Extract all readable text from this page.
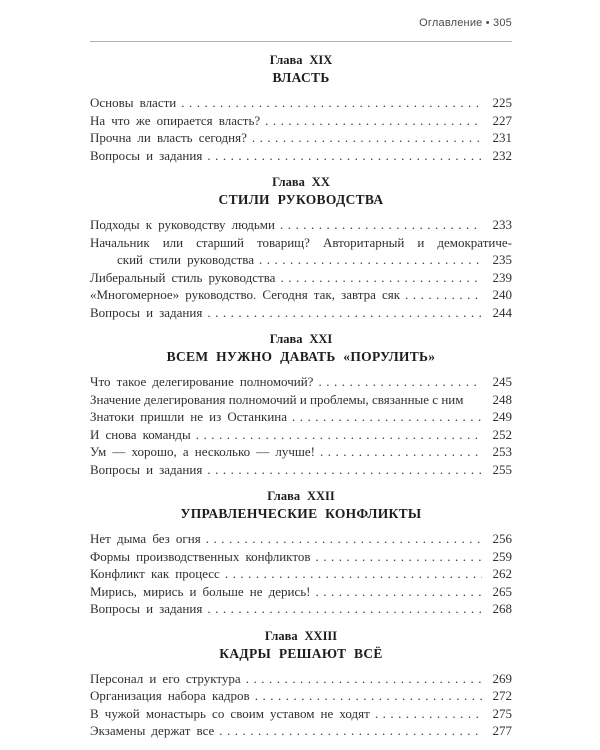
Оглавление • 305
Глава XIX
ВЛАСТЬ
Основы власти .....	225
На что же опирается власть? .....	227
Прочна ли власть сегодня? .....	231
Вопросы и задания .....	232
Глава XX
СТИЛИ РУКОВОДСТВА
Подходы к руководству людьми .....	233
Начальник или старший товарищ? Авторитарный и демократиче-
ский стили руководства .....	235
Либеральный стиль руководства .....	239
«Многомерное» руководство. Сегодня так, завтра сяк .....	240
Вопросы и задания .....	244
Глава XXI
ВСЕМ НУЖНО ДАВАТЬ «ПОРУЛИТЬ»
Что такое делегирование полномочий? .....	245
Значение делегирования полномочий и проблемы, связанные с ним	248
Знатоки пришли не из Останкина .....	249
И снова команды .....	252
Ум — хорошо, а несколько — лучше! .....	253
Вопросы и задания .....	255
Глава XXII
УПРАВЛЕНЧЕСКИЕ КОНФЛИКТЫ
Нет дыма без огня .....	256
Формы производственных конфликтов .....	259
Конфликт как процесс .....	262
Мирись, мирись и больше не дерись! .....	265
Вопросы и задания .....	268
Глава XXIII
КАДРЫ РЕШАЮТ ВСЁ
Персонал и его структура .....	269
Организация набора кадров .....	272
В чужой монастырь со своим уставом не ходят .....	275
Экзамены держат все .....	277
